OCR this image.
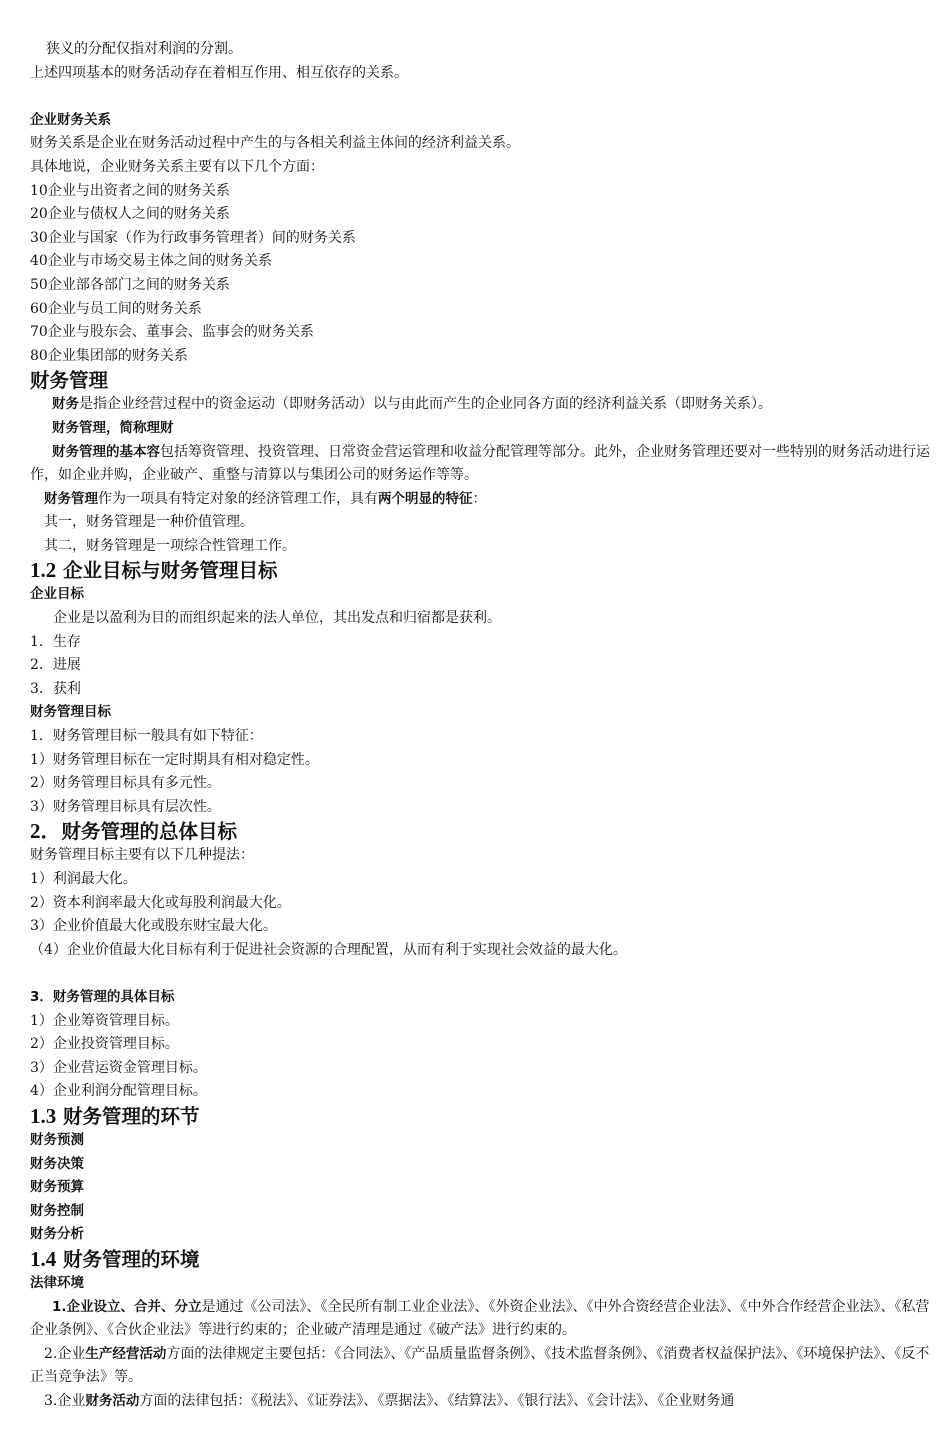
狭义的分配仅指对利润的分割。
上述四项基本的财务活动存在着相互作用、相互依存的关系。
企业财务关系
财务关系是企业在财务活动过程中产生的与各相关利益主体间的经济利益关系。
具体地说，企业财务关系主要有以下几个方面：
10企业与出资者之间的财务关系
20企业与债权人之间的财务关系
30企业与国家（作为行政事务管理者）间的财务关系
40企业与市场交易主体之间的财务关系
50企业部各部门之间的财务关系
60企业与员工间的财务关系
70企业与股东会、董事会、监事会的财务关系
80企业集团部的财务关系
财务管理
财务是指企业经营过程中的资金运动（即财务活动）以与由此而产生的企业同各方面的经济利益关系（即财务关系）。
财务管理，简称理财
财务管理的基本容包括筹资管理、投资管理、日常资金营运管理和收益分配管理等部分。此外，企业财务管理还要对一些特别的财务活动进行运作，如企业并购，企业破产、重整与清算以与集团公司的财务运作等等。
财务管理作为一项具有特定对象的经济管理工作，具有两个明显的特征：
其一，财务管理是一种价值管理。
其二，财务管理是一项综合性管理工作。
1.2 企业目标与财务管理目标
企业目标
企业是以盈利为目的而组织起来的法人单位，其出发点和归宿都是获利。
1．生存
2．进展
3．获利
财务管理目标
1．财务管理目标一般具有如下特征：
1）财务管理目标在一定时期具有相对稳定性。
2）财务管理目标具有多元性。
3）财务管理目标具有层次性。
2．财务管理的总体目标
财务管理目标主要有以下几种提法：
1）利润最大化。
2）资本利润率最大化或每股利润最大化。
3）企业价值最大化或股东财宝最大化。
（4）企业价值最大化目标有利于促进社会资源的合理配置，从而有利于实现社会效益的最大化。
3．财务管理的具体目标
1）企业筹资管理目标。
2）企业投资管理目标。
3）企业营运资金管理目标。
4）企业利润分配管理目标。
1.3 财务管理的环节
财务预测
财务决策
财务预算
财务控制
财务分析
1.4 财务管理的环境
法律环境
1.企业设立、合并、分立是通过《公司法》、《全民所有制工业企业法》、《外资企业法》、《中外合资经营企业法》、《中外合作经营企业法》、《私营企业条例》、《合伙企业法》等进行约束的；企业破产清理是通过《破产法》进行约束的。
2.企业生产经营活动方面的法律规定主要包括：《合同法》、《产品质量监督条例》、《技术监督条例》、《消费者权益保护法》、《环境保护法》、《反不正当竞争法》等。
3.企业财务活动方面的法律包括：《税法》、《证券法》、《票据法》、《结算法》、《银行法》、《会计法》、《企业财务通
